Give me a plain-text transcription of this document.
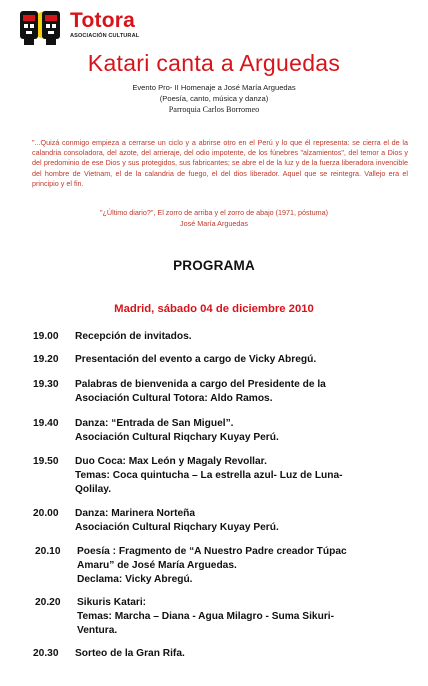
Totora
ASOCIACIÓN CULTURAL
Katari canta a Arguedas
Evento Pro- II Homenaje a José María Arguedas
(Poesía, canto, música y danza)
Parroquia Carlos Borromeo
"...Quizá conmigo empieza a cerrarse un ciclo y a abrirse otro en el Perú y lo que él representa: se cierra el de la calandria consoladora, del azote, del arrieraje, del odio impotente, de los fúnebres "alzamientos", del temor a Dios y del predominio de ese Dios y sus protegidos, sus fabricantes; se abre el de la luz y de la fuerza liberadora invencible del hombre de Vietnam, el de la calandria de fuego, el del dios liberador. Aquel que se reintegra. Vallejo era el principio y el fin.
"¿Último diario?", El zorro de arriba y el zorro de abajo (1971, póstuma)
José María Arguedas
PROGRAMA
Madrid, sábado 04 de diciembre 2010
19.00 Recepción de invitados.
19.20 Presentación del evento a cargo de Vicky Abregú.
19.30 Palabras de bienvenida a cargo del Presidente de la
Asociación Cultural Totora: Aldo Ramos.
19.40 Danza: “Entrada de San Miguel”.
Asociación Cultural Riqchary Kuyay Perú.
19.50 Duo Coca: Max León y Magaly Revollar.
Temas: Coca quintucha – La estrella azul- Luz de Luna-
Qolilay.
20.00 Danza: Marinera Norteña
Asociación Cultural Riqchary Kuyay Perú.
20.10 Poesía : Fragmento de “A Nuestro Padre creador Túpac
Amaru” de José María Arguedas.
Declama: Vicky Abregú.
20.20 Sikuris Katari:
Temas: Marcha – Diana - Agua Milagro - Suma Sikuri-
Ventura.
20.30 Sorteo de la Gran Rifa.
